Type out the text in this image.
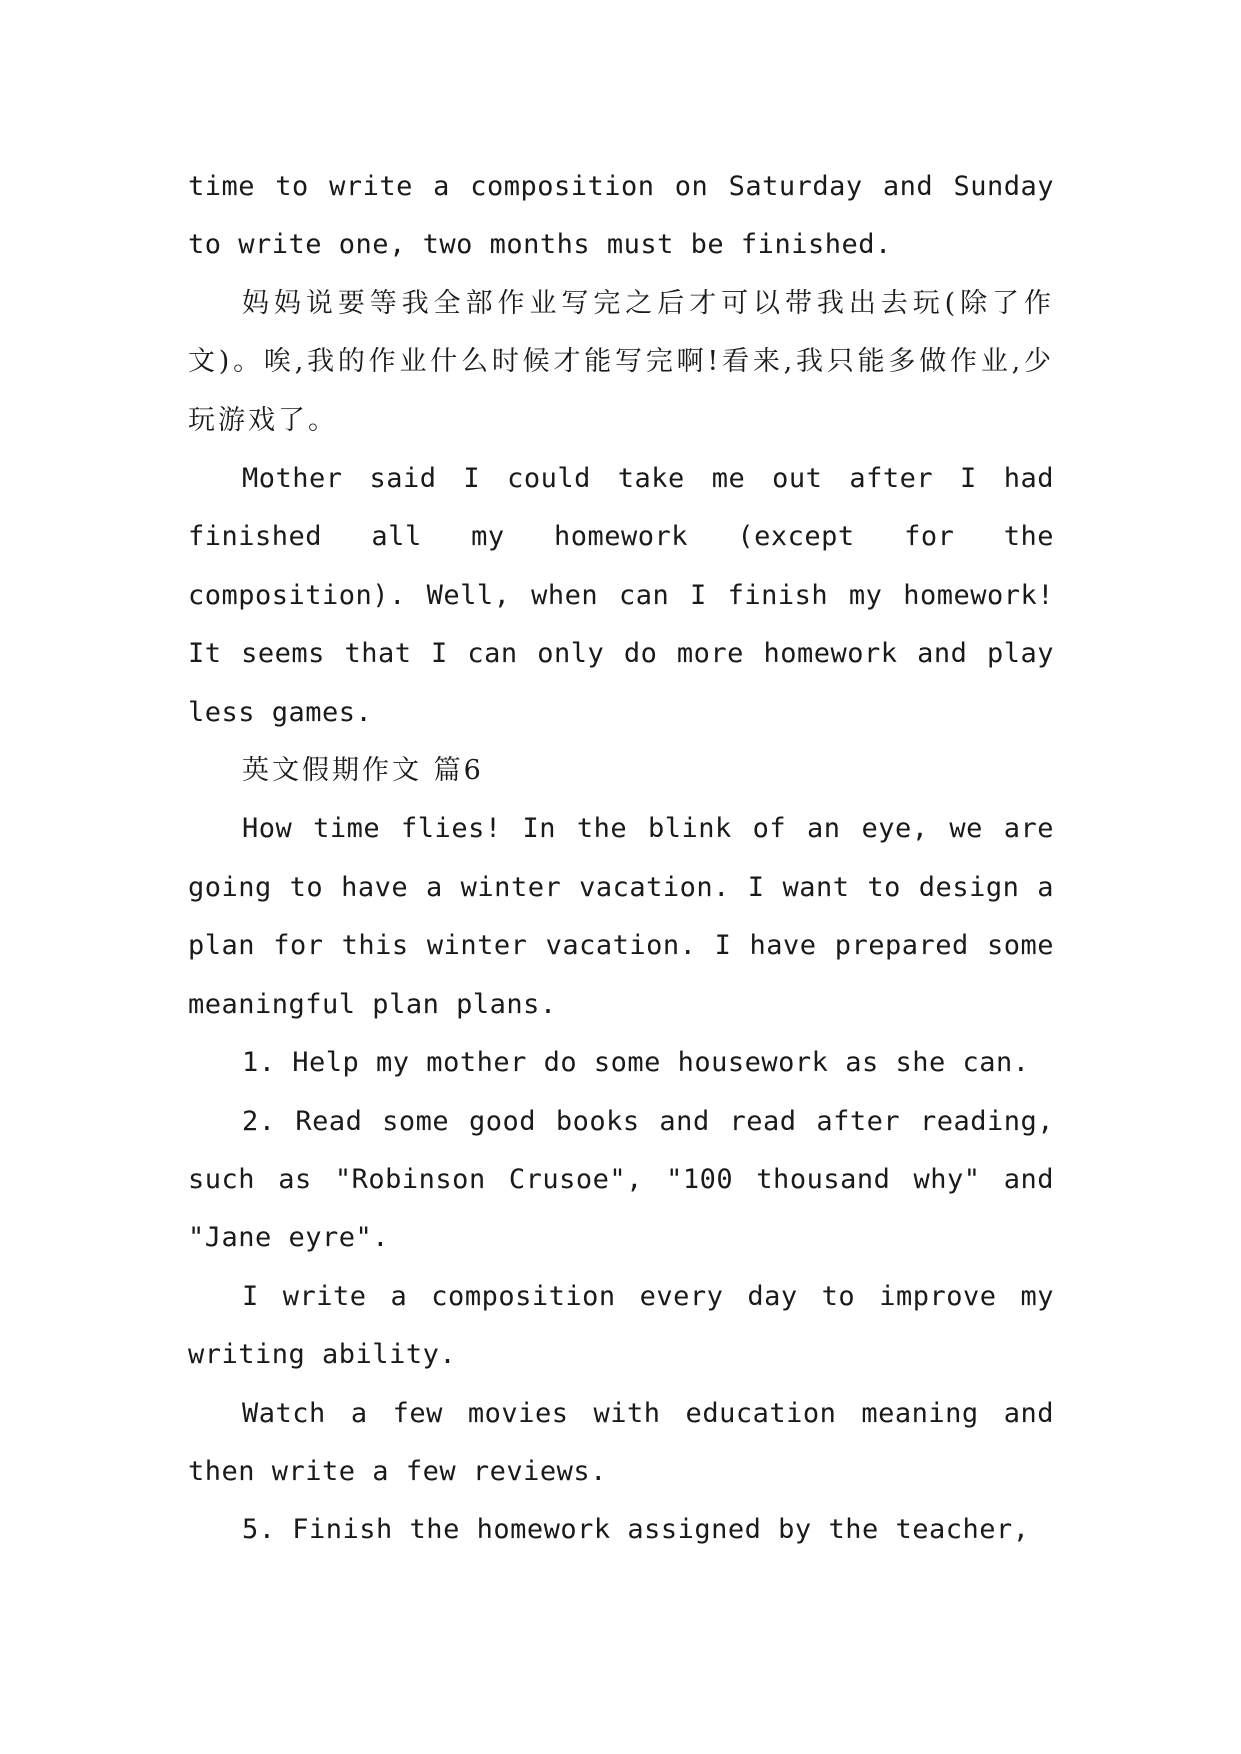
time to write a composition on Saturday and Sunday to write one, two months must be finished.

妈妈说要等我全部作业写完之后才可以带我出去玩(除了作文)。唉,我的作业什么时候才能写完啊!看来,我只能多做作业,少玩游戏了。

Mother said I could take me out after I had finished all my homework (except for the composition). Well, when can I finish my homework! It seems that I can only do more homework and play less games.

英文假期作文 篇6

How time flies! In the blink of an eye, we are going to have a winter vacation. I want to design a plan for this winter vacation. I have prepared some meaningful plan plans.

1. Help my mother do some housework as she can.

2. Read some good books and read after reading, such as "Robinson Crusoe", "100 thousand why" and "Jane eyre".

I write a composition every day to improve my writing ability.

Watch a few movies with education meaning and then write a few reviews.

5. Finish the homework assigned by the teacher,
